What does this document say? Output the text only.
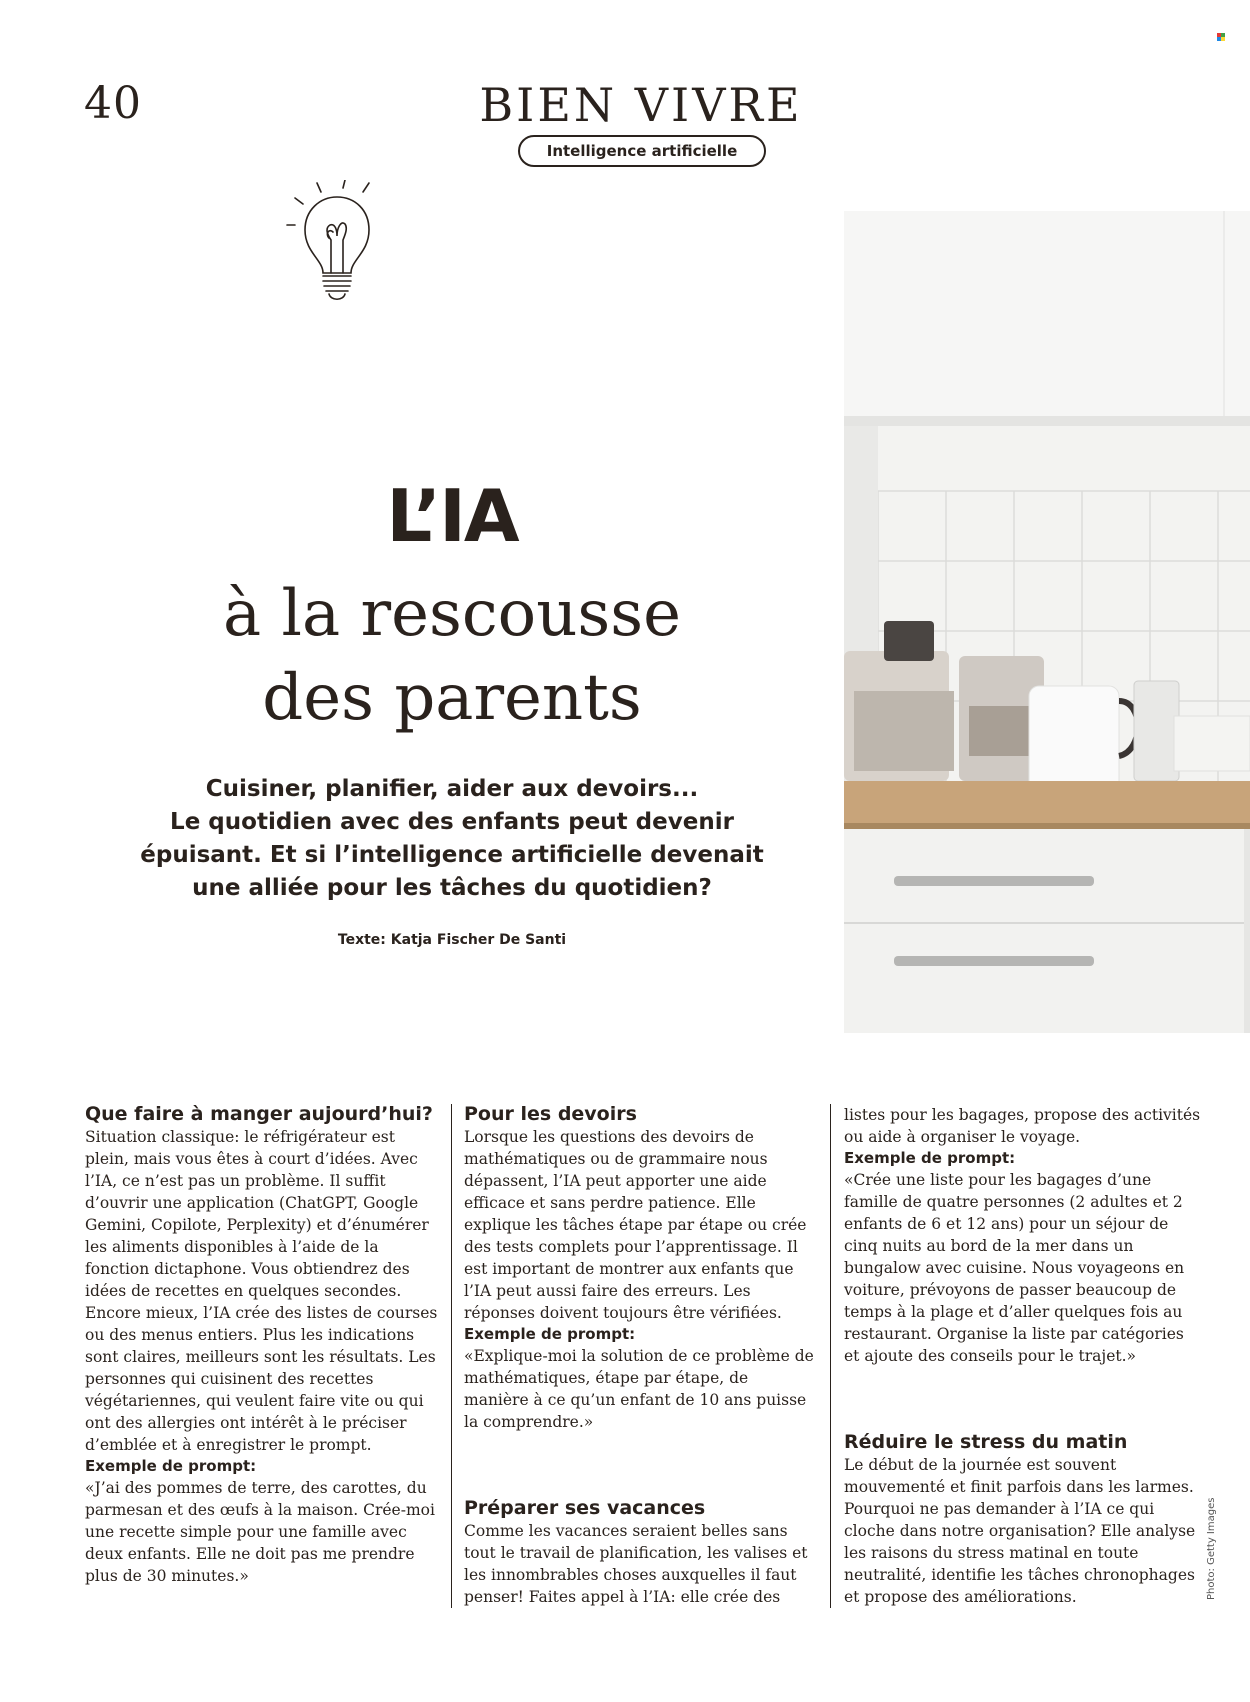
40	BIEN VIVRE
Intelligence artificielle
L’IA
à la rescousse
des parents
Cuisiner, planifier, aider aux devoirs...
Le quotidien avec des enfants peut devenir
épuisant. Et si l’intelligence artificielle devenait
une alliée pour les tâches du quotidien?
Texte: Katja Fischer De Santi
Que faire à manger aujourd’hui?

Situation classique: le réfrigérateur est plein, mais vous êtes à court d’idées. Avec l’IA, ce n’est pas un problème. Il suffit d’ouvrir une application (ChatGPT, Google Gemini, Copilote, Perplexity) et d’énumérer les aliments disponibles à l’aide de la fonction dictaphone. Vous obtiendrez des idées de recettes en quelques secondes. Encore mieux, l’IA crée des listes de courses ou des menus entiers. Plus les indications sont claires, meilleurs sont les résultats. Les personnes qui cuisinent des recettes végétariennes, qui veulent faire vite ou qui ont des allergies ont intérêt à le préciser d’emblée et à enregistrer le prompt.

Exemple de prompt:

«J’ai des pommes de terre, des carottes, du parmesan et des œufs à la maison. Crée-moi une recette simple pour une famille avec deux enfants. Elle ne doit pas me prendre plus de 30 minutes.»

Pour les devoirs

Lorsque les questions des devoirs de mathématiques ou de grammaire nous dépassent, l’IA peut apporter une aide efficace et sans perdre patience. Elle explique les tâches étape par étape ou crée des tests complets pour l’apprentissage. Il est important de montrer aux enfants que l’IA peut aussi faire des erreurs. Les réponses doivent toujours être vérifiées.

Exemple de prompt:

«Explique-moi la solution de ce problème de mathématiques, étape par étape, de manière à ce qu’un enfant de 10 ans puisse la comprendre.»

Préparer ses vacances

Comme les vacances seraient belles sans tout le travail de planification, les valises et les innombrables choses auxquelles il faut penser! Faites appel à l’IA: elle crée des

listes pour les bagages, propose des activités ou aide à organiser le voyage.

Exemple de prompt:

«Crée une liste pour les bagages d’une famille de quatre personnes (2 adultes et 2 enfants de 6 et 12 ans) pour un séjour de cinq nuits au bord de la mer dans un bungalow avec cuisine. Nous voyageons en voiture, prévoyons de passer beaucoup de temps à la plage et d’aller quelques fois au restaurant. Organise la liste par catégories et ajoute des conseils pour le trajet.»

Réduire le stress du matin

Le début de la journée est souvent mouvementé et finit parfois dans les larmes. Pourquoi ne pas demander à l’IA ce qui cloche dans notre organisation? Elle analyse les raisons du stress matinal en toute neutralité, identifie les tâches chronophages et propose des améliorations.	Photo: Getty Images
